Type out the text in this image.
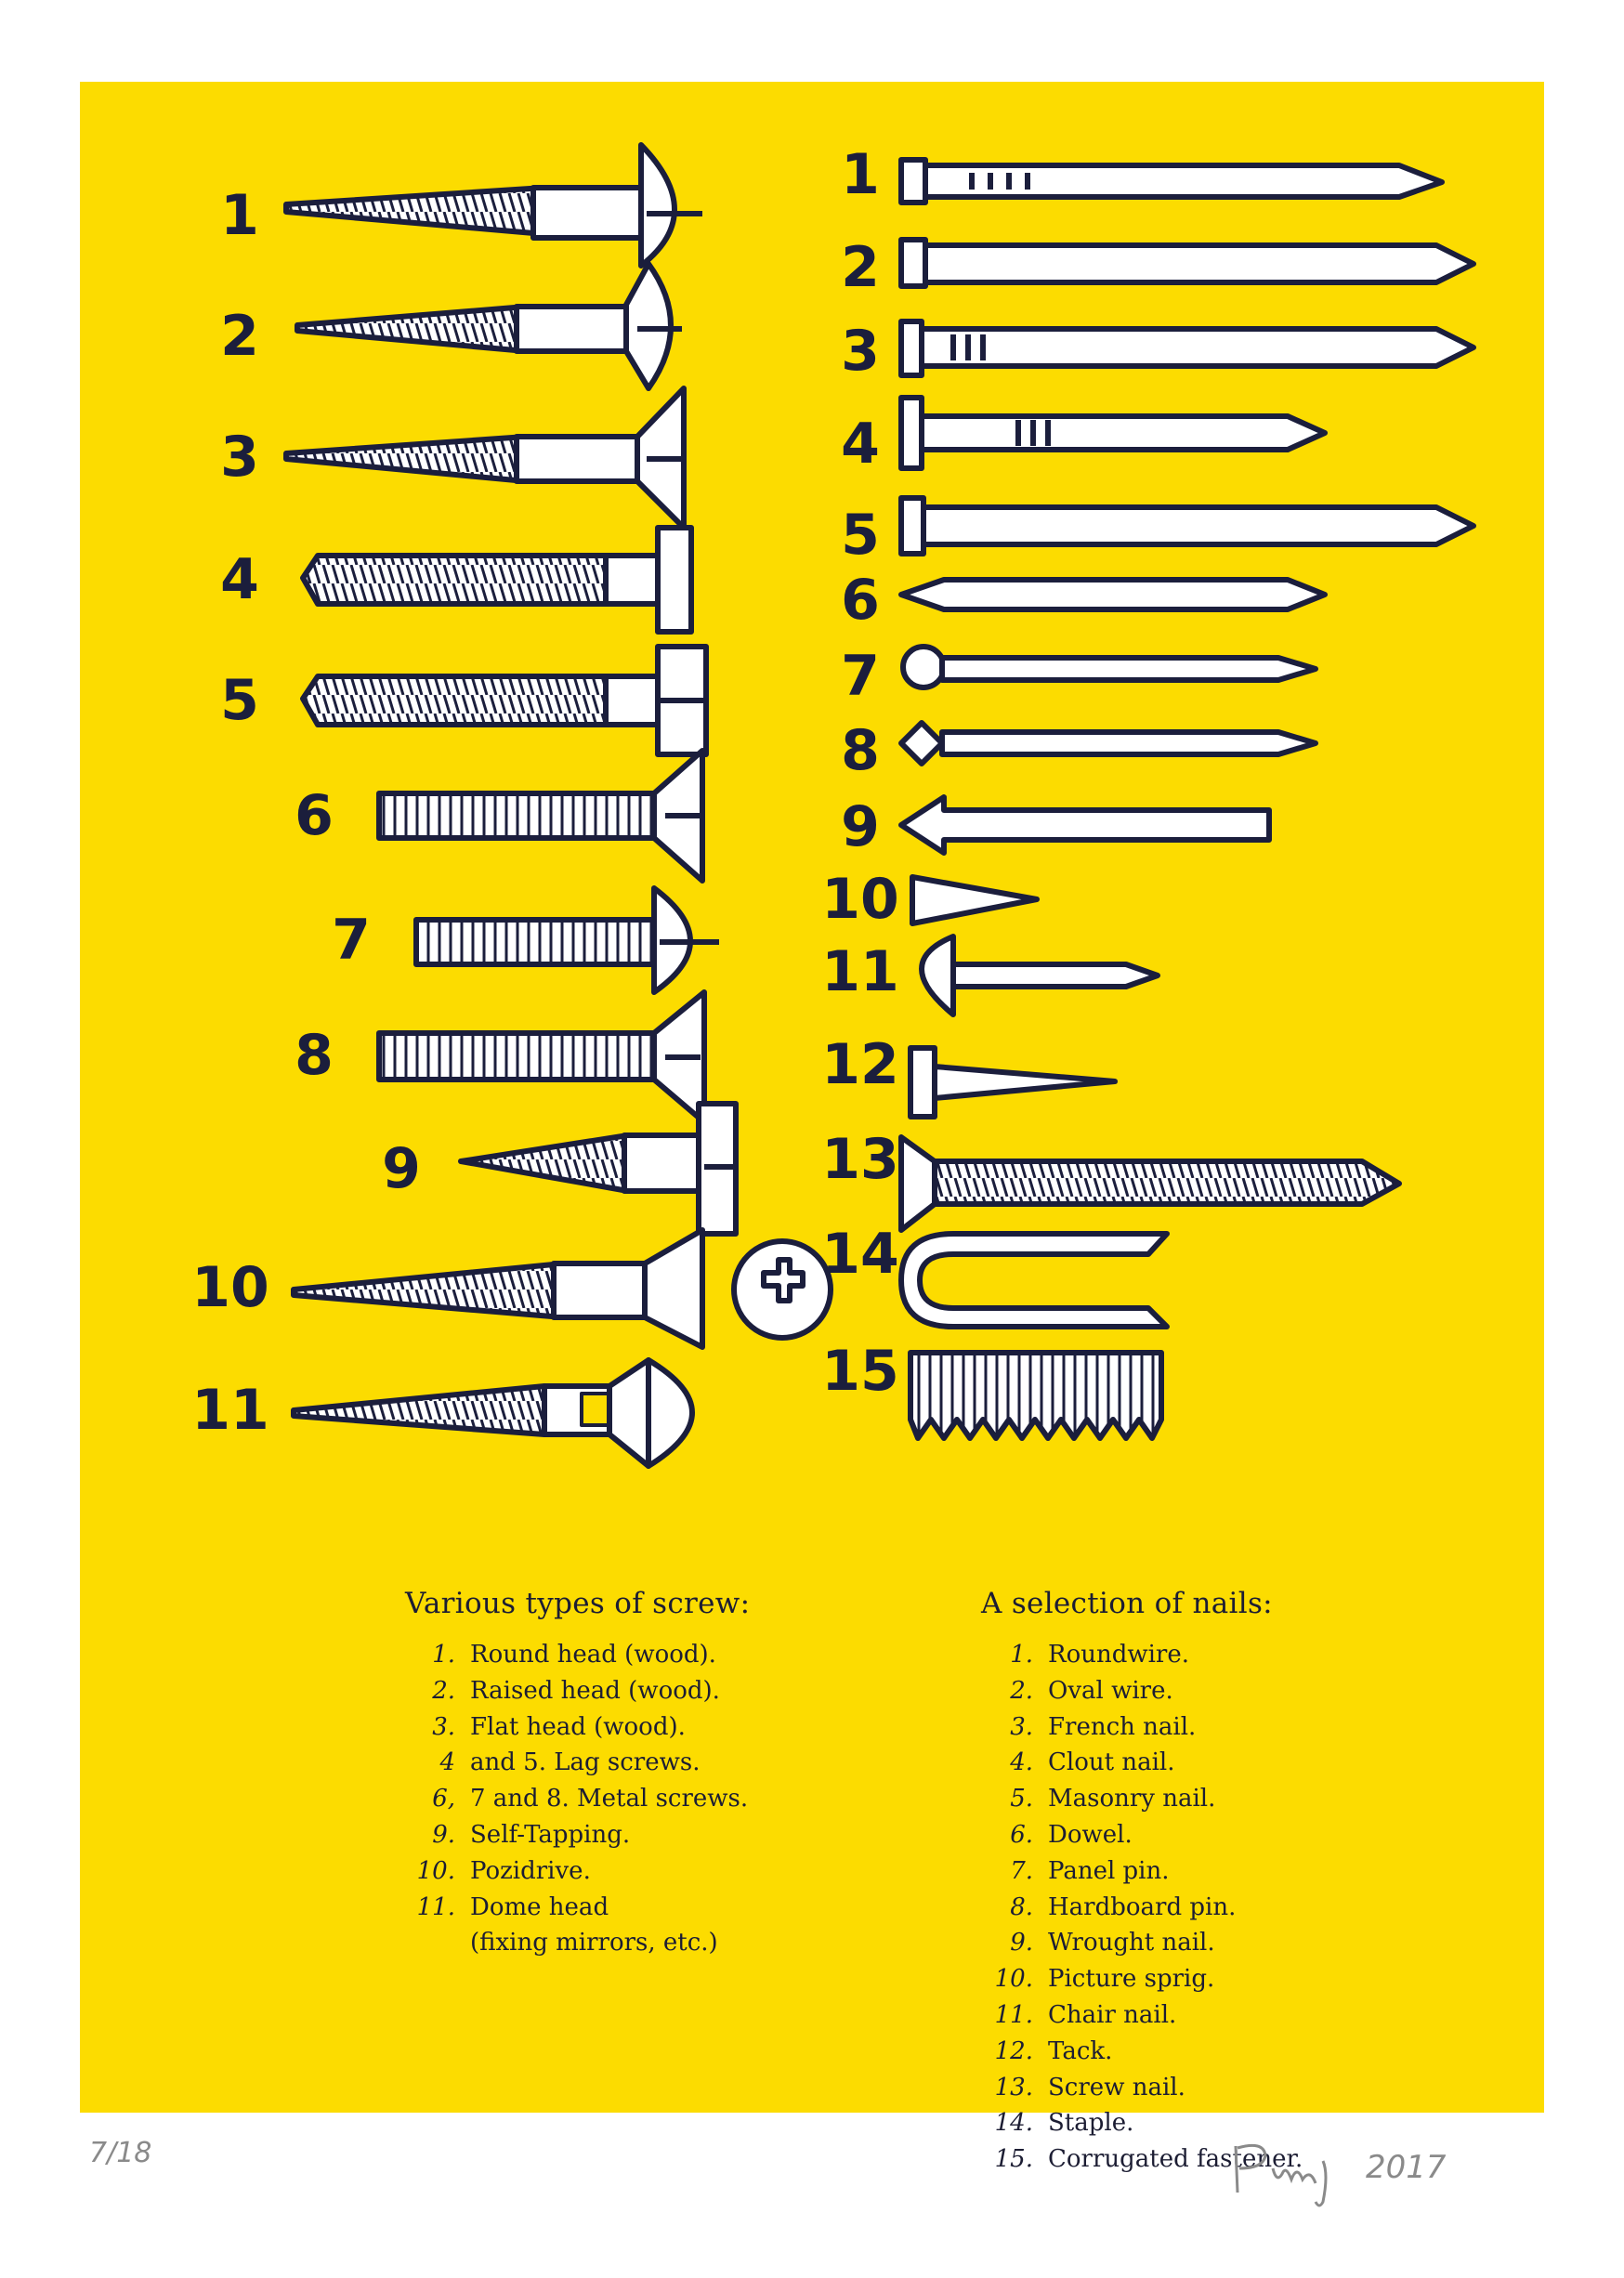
1
2
3
4
5
6
7
8
9
10
11
1
2
3
4
5
6
7
8
9
10
11
12
13
14
15
Various types of screw:
1. Round head (wood).
2. Raised head (wood).
3. Flat head (wood).
4 and 5. Lag screws.
6, 7 and 8. Metal screws.
9. Self-Tapping.
10. Pozidrive.
11. Dome head
(fixing mirrors, etc.)
A selection of nails:
1. Roundwire.
2. Oval wire.
3. French nail.
4. Clout nail.
5. Masonry nail.
6. Dowel.
7. Panel pin.
8. Hardboard pin.
9. Wrought nail.
10. Picture sprig.
11. Chair nail.
12. Tack.
13. Screw nail.
14. Staple.
15. Corrugated fastener.
7/18	2017
